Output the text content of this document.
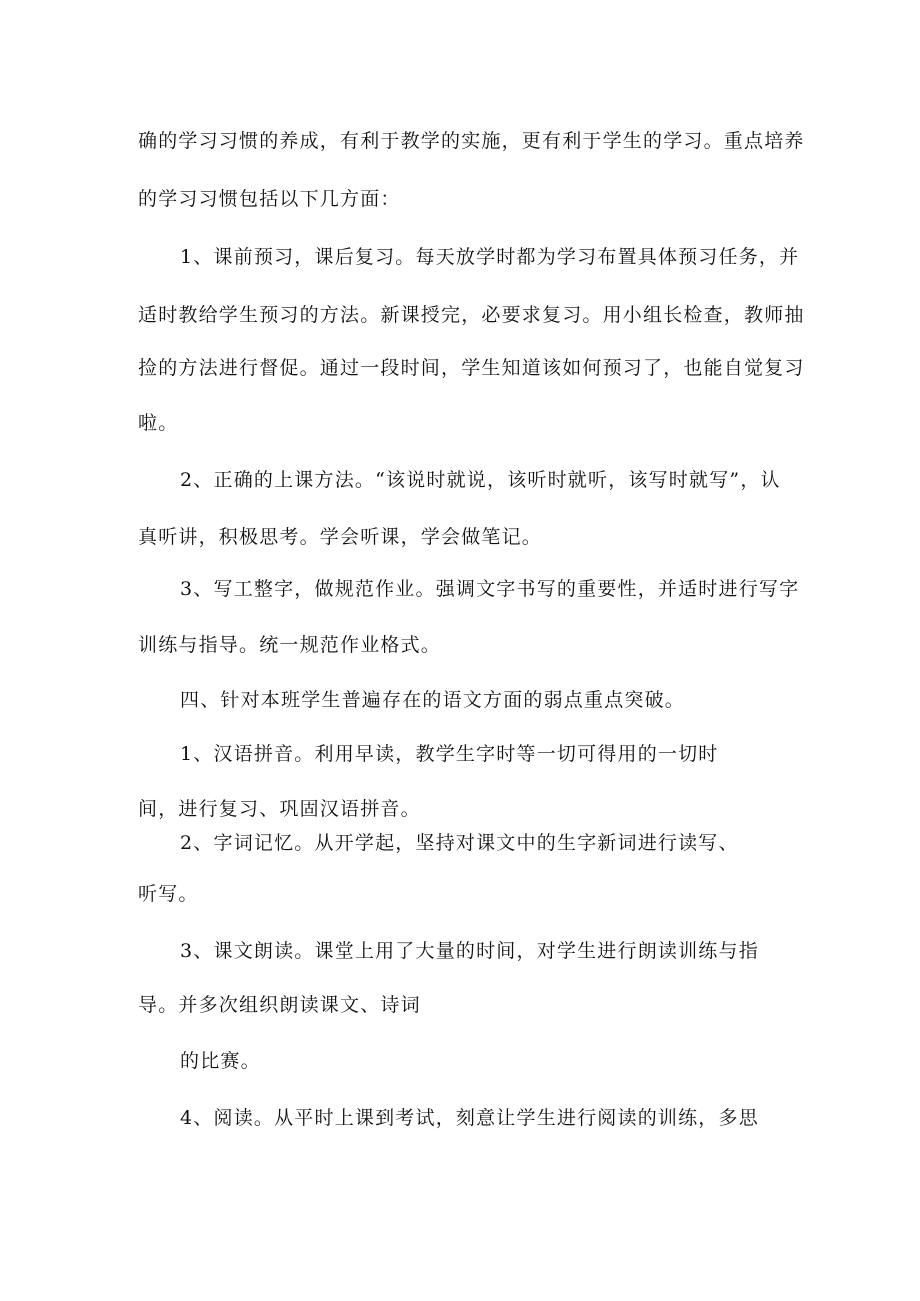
确的学习习惯的养成，有利于教学的实施，更有利于学生的学习。重点培养
的学习习惯包括以下几方面：
1、课前预习，课后复习。每天放学时都为学习布置具体预习任务，并
适时教给学生预习的方法。新课授完，必要求复习。用小组长检查，教师抽
捡的方法进行督促。通过一段时间，学生知道该如何预习了，也能自觉复习
啦。
2、正确的上课方法。“该说时就说，该听时就听，该写时就写”，认
真听讲，积极思考。学会听课，学会做笔记。
3、写工整字，做规范作业。强调文字书写的重要性，并适时进行写字
训练与指导。统一规范作业格式。
四、针对本班学生普遍存在的语文方面的弱点重点突破。
1、汉语拼音。利用早读，教学生字时等一切可得用的一切时
间，进行复习、巩固汉语拼音。
2、字词记忆。从开学起，坚持对课文中的生字新词进行读写、
听写。
3、课文朗读。课堂上用了大量的时间，对学生进行朗读训练与指
导。并多次组织朗读课文、诗词
的比赛。
4、阅读。从平时上课到考试，刻意让学生进行阅读的训练，多思
